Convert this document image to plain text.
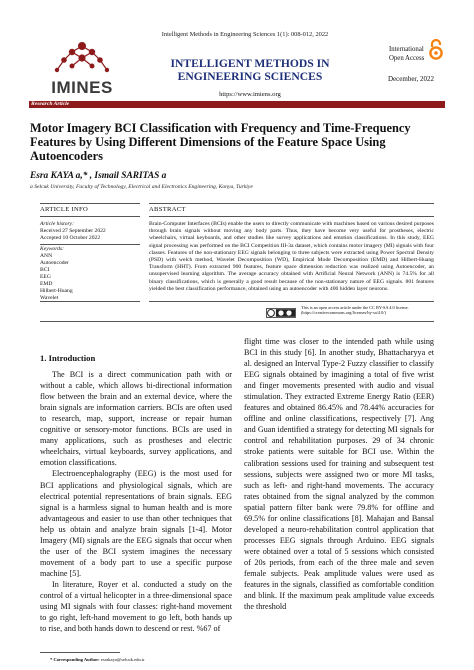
Intelligent Methods in Engineering Sciences 1(1): 008-012, 2022
IMINES
INTELLIGENT METHODS IN ENGINEERING SCIENCES
https://www.imiens.org
International Open Access
December, 2022
Research Article
Motor Imagery BCI Classification with Frequency and Time-Frequency Features by Using Different Dimensions of the Feature Space Using Autoencoders
Esra KAYA a,* , Ismail SARITAS a
a Selcuk University, Faculty of Technology, Electrical and Electronics Engineering, Konya, Turkiye
ARTICLE INFO	ABSTRACT
Article history:
Received 27 September 2022
Accepted 10 October 2022
Keywords:
ANN
Autoencoder
BCI
EEG
EMD
Hilbert-Huang
Wavelet
Brain-Computer Interfaces (BCIs) enable the users to directly communicate with machines based on various desired purposes through brain signals without moving any body parts. Thus, they have become very useful for prostheses, electric wheelchairs, virtual keyboards, and other studies like survey applications and emotion classifications. In this study, EEG signal processing was performed on the BCI Competition III-3a dataset, which contains motor imagery (MI) signals with four classes. Features of the non-stationary EEG signals belonging to three subjects were extracted using Power Spectral Density (PSD) with welch method, Wavelet Decomposition (WD), Empirical Mode Decomposition (EMD) and Hilbert-Huang Transform (HHT). From extracted 900 features, feature space dimension reduction was realized using Autoencoder, an unsupervised learning algorithm. The average accuracy obtained with Artificial Neural Network (ANN) is 74.5% for all binary classifications, which is generally a good result because of the non-stationary nature of EEG signals. 801 features yielded the best classification performance, obtained using an autoencoder with 400 hidden layer neurons.
This is an open access article under the CC BY-SA 4.0 license. (https://creativecommons.org/licenses/by-sa/4.0/)
1. Introduction

The BCI is a direct communication path with or without a cable, which allows bi-directional information flow between the brain and an external device, where the brain signals are information carriers. BCIs are often used to research, map, support, increase or repair human cognitive or sensory-motor functions. BCIs are used in many applications, such as prostheses and electric wheelchairs, virtual keyboards, survey applications, and emotion classifications.

Electroencephalography (EEG) is the most used for BCI applications and physiological signals, which are electrical potential representations of brain signals. EEG signal is a harmless signal to human health and is more advantageous and easier to use than other techniques that help us obtain and analyze brain signals [1-4]. Motor Imagery (MI) signals are the EEG signals that occur when the user of the BCI system imagines the necessary movement of a body part to use a specific purpose machine [5].

In literature, Royer et al. conducted a study on the control of a virtual helicopter in a three-dimensional space using MI signals with four classes: right-hand movement to go right, left-hand movement to go left, both hands up to rise, and both hands down to descend or rest. %67 of

flight time was closer to the intended path while using BCI in this study [6]. In another study, Bhattacharyya et al. designed an Interval Type-2 Fuzzy classifier to classify EEG signals obtained by imagining a total of five wrist and finger movements presented with audio and visual stimulation. They extracted Extreme Energy Ratio (EER) features and obtained 86.45% and 78.44% accuracies for offline and online classifications, respectively [7]. Ang and Guan identified a strategy for detecting MI signals for control and rehabilitation purposes. 29 of 34 chronic stroke patients were suitable for BCI use. Within the calibration sessions used for training and subsequent test sessions, subjects were assigned two or more MI tasks, such as left- and right-hand movements. The accuracy rates obtained from the signal analyzed by the common spatial pattern filter bank were 79.8% for offline and 69.5% for online classifications [8]. Mahajan and Bansal developed a neuro-rehabilitation control application that processes EEG signals through Arduino. EEG signals were obtained over a total of 5 sessions which consisted of 20s periods, from each of the three male and seven female subjects. Peak amplitude values were used as features in the signals, classified as comfortable condition and blink. If the maximum peak amplitude value exceeds the threshold

* Corresponding Author: esrakaya@selcuk.edu.tr
